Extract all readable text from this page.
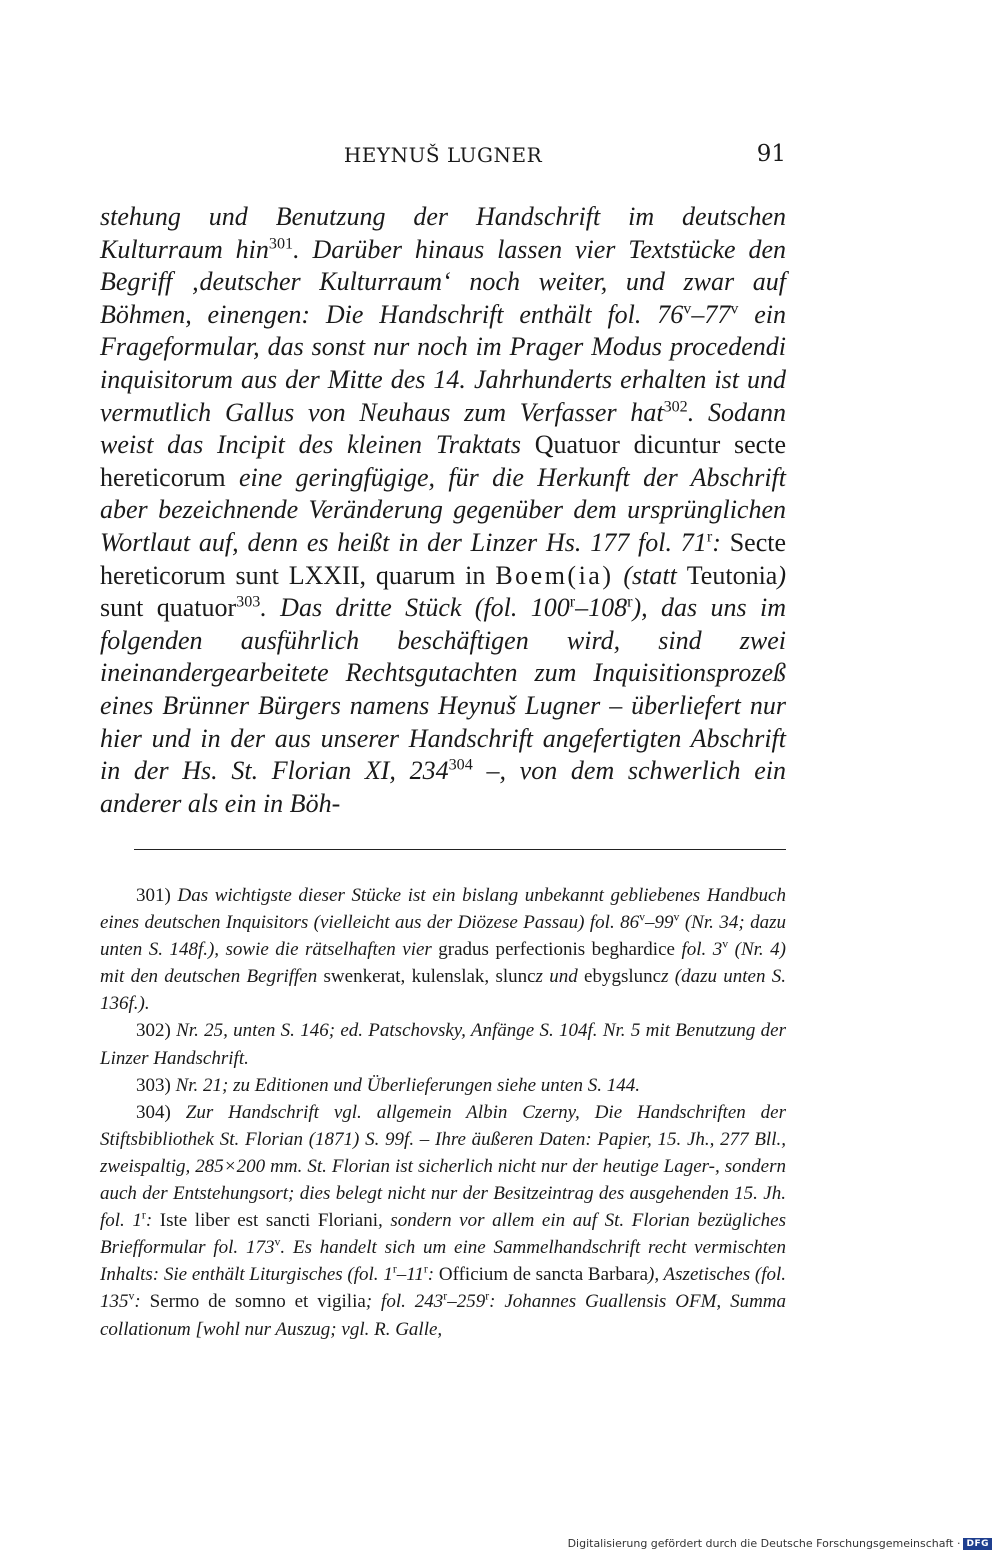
HEYNUŠ LUGNER	91

stehung und Benutzung der Handschrift im deutschen Kulturraum hin$^{301}$. Darüber hinaus lassen vier Textstücke den Begriff ‚deutscher Kulturraum‘ noch weiter, und zwar auf Böhmen, einengen: Die Handschrift enthält fol. 76$^v$–77$^v$ ein Frageformular, das sonst nur noch im Prager Modus procedendi inquisitorum aus der Mitte des 14. Jahrhunderts erhalten ist und vermutlich Gallus von Neuhaus zum Verfasser hat$^{302}$. Sodann weist das Incipit des kleinen Traktats Quatuor dicuntur secte hereticorum eine geringfügige, für die Herkunft der Abschrift aber bezeichnende Veränderung gegenüber dem ursprünglichen Wortlaut auf, denn es heißt in der Linzer Hs. 177 fol. 71$^r$: Secte hereticorum sunt LXXII, quarum in Boem(ia) (statt Teutonia) sunt quatuor$^{303}$. Das dritte Stück (fol. 100$^r$–108$^r$), das uns im folgenden ausführlich beschäftigen wird, sind zwei ineinandergearbeitete Rechtsgutachten zum Inquisitionsprozeß eines Brünner Bürgers namens Heynuš Lugner – überliefert nur hier und in der aus unserer Handschrift angefertigten Abschrift in der Hs. St. Florian XI, $234^{304}$ –, von dem schwerlich ein anderer als ein in Böh-

301) Das wichtigste dieser Stücke ist ein bislang unbekannt gebliebenes Handbuch eines deutschen Inquisitors (vielleicht aus der Diözese Passau) fol. 86$^v$–99$^v$ (Nr. 34; dazu unten S. 148f.), sowie die rätselhaften vier gradus perfectionis beghardice fol. 3$^v$ (Nr. 4) mit den deutschen Begriffen swenkerat, kulenslak, sluncz und ebygsluncz (dazu unten S. 136f.).

302) Nr. 25, unten S. 146; ed. Patschovsky, Anfänge S. 104f. Nr. 5 mit Benutzung der Linzer Handschrift.

303) Nr. 21; zu Editionen und Überlieferungen siehe unten S. 144.

304) Zur Handschrift vgl. allgemein Albin Czerny, Die Handschriften der Stiftsbibliothek St. Florian (1871) S. 99f. – Ihre äußeren Daten: Papier, 15. Jh., 277 Bll., zweispaltig, 285×200 mm. St. Florian ist sicherlich nicht nur der heutige Lager-, sondern auch der Entstehungsort; dies belegt nicht nur der Besitzeintrag des ausgehenden 15. Jh. fol. 1$^r$: Iste liber est sancti Floriani, sondern vor allem ein auf St. Florian bezügliches Briefformular fol. 173$^v$. Es handelt sich um eine Sammelhandschrift recht vermischten Inhalts: Sie enthält Liturgisches (fol. 1$^r$–11$^r$: Officium de sancta Barbara), Aszetisches (fol. 135$^v$: Sermo de somno et vigilia; fol. 243$^r$–259$^r$: Johannes Guallensis OFM, Summa collationum [wohl nur Auszug; vgl. R. Galle,

Digitalisierung gefördert durch die Deutsche Forschungsgemeinschaft · DFG
